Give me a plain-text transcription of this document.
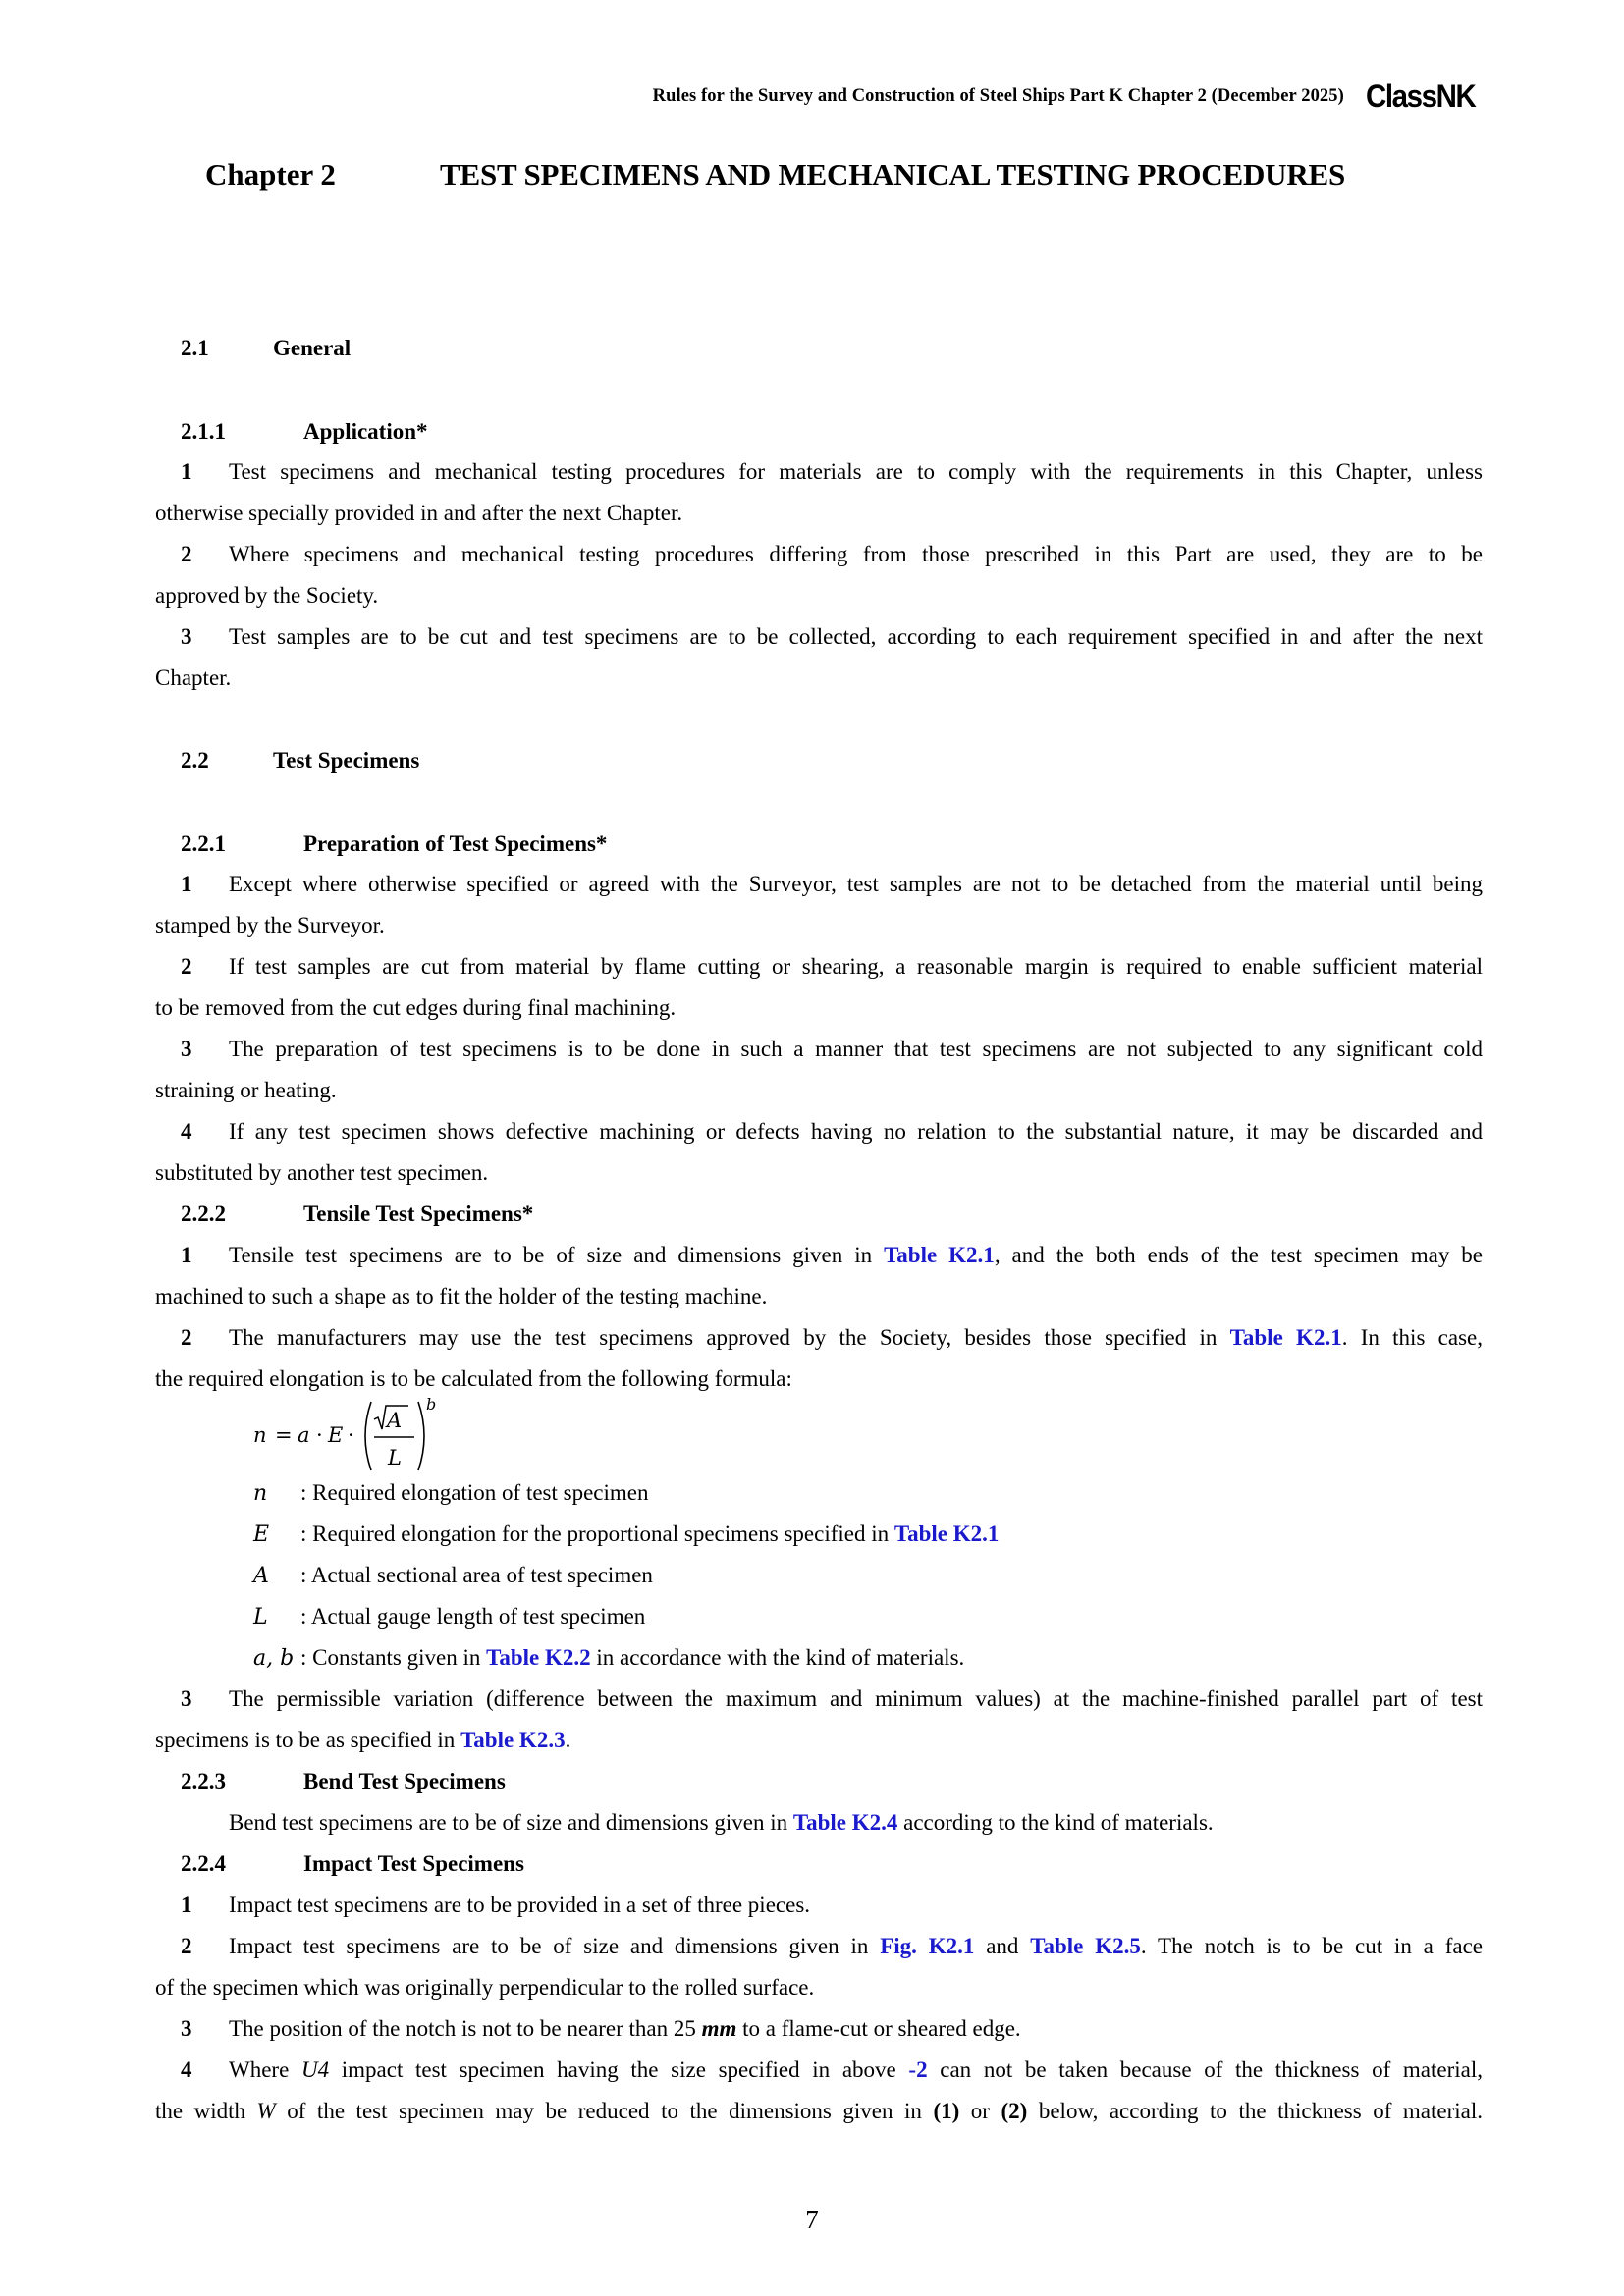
Rules for the Survey and Construction of Steel Ships Part K Chapter 2 (December 2025) ClassNK
Chapter 2	TEST SPECIMENS AND MECHANICAL TESTING PROCEDURES
2.1	General
2.1.1	Application*
1 Test specimens and mechanical testing procedures for materials are to comply with the requirements in this Chapter, unless
otherwise specially provided in and after the next Chapter.
2 Where specimens and mechanical testing procedures differing from those prescribed in this Part are used, they are to be
approved by the Society.
3 Test samples are to be cut and test specimens are to be collected, according to each requirement specified in and after the next
Chapter.
2.2	Test Specimens
2.2.1	Preparation of Test Specimens*
1 Except where otherwise specified or agreed with the Surveyor, test samples are not to be detached from the material until being
stamped by the Surveyor.
2 If test samples are cut from material by flame cutting or shearing, a reasonable margin is required to enable sufficient material
to be removed from the cut edges during final machining.
3 The preparation of test specimens is to be done in such a manner that test specimens are not subjected to any significant cold
straining or heating.
4 If any test specimen shows defective machining or defects having no relation to the substantial nature, it may be discarded and
substituted by another test specimen.
2.2.2	Tensile Test Specimens*
1 Tensile test specimens are to be of size and dimensions given in Table K2.1, and the both ends of the test specimen may be
machined to such a shape as to fit the holder of the testing machine.
2 The manufacturers may use the test specimens approved by the Society, besides those specified in Table K2.1. In this case,
the required elongation is to be calculated from the following formula:
n = a · E ·
A
L
b
n : Required elongation of test specimen
E : Required elongation for the proportional specimens specified in Table K2.1
A : Actual sectional area of test specimen
L : Actual gauge length of test specimen
a, b : Constants given in Table K2.2 in accordance with the kind of materials.
3 The permissible variation (difference between the maximum and minimum values) at the machine-finished parallel part of test
specimens is to be as specified in Table K2.3.
2.2.3	Bend Test Specimens
Bend test specimens are to be of size and dimensions given in Table K2.4 according to the kind of materials.
2.2.4	Impact Test Specimens
1 Impact test specimens are to be provided in a set of three pieces.
2 Impact test specimens are to be of size and dimensions given in Fig. K2.1 and Table K2.5. The notch is to be cut in a face
of the specimen which was originally perpendicular to the rolled surface.
3 The position of the notch is not to be nearer than 25 mm to a flame-cut or sheared edge.
4 Where U4 impact test specimen having the size specified in above -2 can not be taken because of the thickness of material,
the width W of the test specimen may be reduced to the dimensions given in (1) or (2) below, according to the thickness of material.
7
